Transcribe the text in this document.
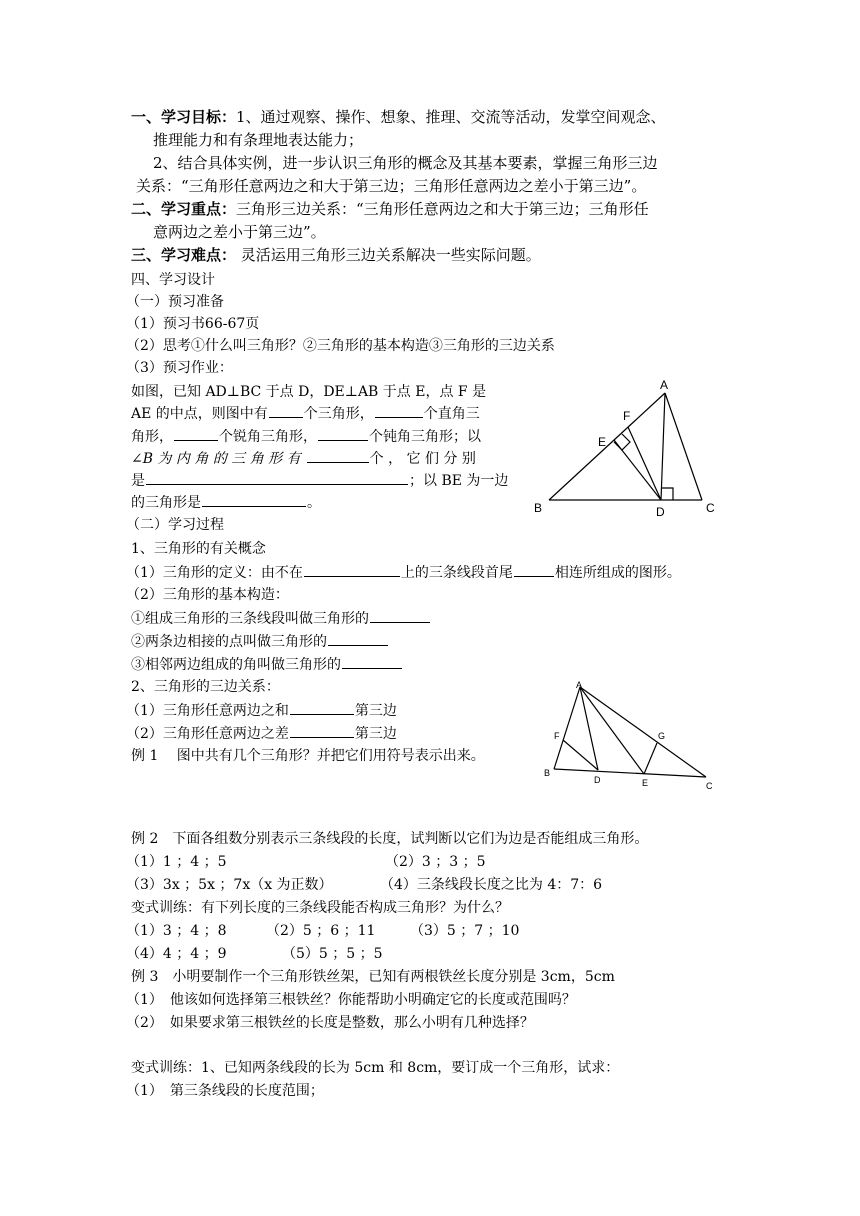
一、学习目标：1、通过观察、操作、想象、推理、交流等活动，发掌空间观念、
推理能力和有条理地表达能力；
2、结合具体实例，进一步认识三角形的概念及其基本要素，掌握三角形三边
关系：“三角形任意两边之和大于第三边；三角形任意两边之差小于第三边”。
二、学习重点：三角形三边关系：“三角形任意两边之和大于第三边；三角形任
意两边之差小于第三边”。
三、学习难点： 灵活运用三角形三边关系解决一些实际问题。
四、学习设计
（一）预习准备
（1）预习书66-67页
（2）思考①什么叫三角形？②三角形的基本构造③三角形的三边关系
（3）预习作业：
如图，已知 AD⊥BC 于点 D，DE⊥AB 于点 E，点 F 是
AE 的中点，则图中有	个三角形，	个直角三
角形，	个锐角三角形，	个钝角三角形；以
∠B 为 内 角 的 三 角 形 有	个 ， 它 们 分 别
是	；以 BE 为一边
的三角形是	。
A
B	C
D
E
F
（二）学习过程
1、三角形的有关概念
（1）三角形的定义：由不在	上的三条线段首尾	相连所组成的图形。
（2）三角形的基本构造：
①组成三角形的三条线段叫做三角形的
②两条边相接的点叫做三角形的
③相邻两边组成的角叫做三角形的
2、三角形的三边关系：
（1）三角形任意两边之和	第三边
（2）三角形任意两边之差	第三边
例 1　 图中共有几个三角形？并把它们用符号表示出来。
A
B
C
D	E
F	G
例 2　下面各组数分别表示三条线段的长度，试判断以它们为边是否能组成三角形。
（1）1 ；4 ；5	（2）3 ；3 ；5
（3）3x ；5x ；7x（x 为正数）	（4）三条线段长度之比为 4：7：6
变式训练：有下列长度的三条线段能否构成三角形？为什么？
（1）3 ；4 ；8	（2）5 ；6 ；11 （3）5 ；7 ；10
（4）4 ；4 ；9	（5）5 ；5 ；5
例 3　小明要制作一个三角形铁丝架，已知有两根铁丝长度分别是 3cm，5cm
（1）　他该如何选择第三根铁丝？你能帮助小明确定它的长度或范围吗？
（2）　如果要求第三根铁丝的长度是整数，那么小明有几种选择？
变式训练：1、已知两条线段的长为 5cm 和 8cm，要订成一个三角形，试求：
（1）　第三条线段的长度范围；
